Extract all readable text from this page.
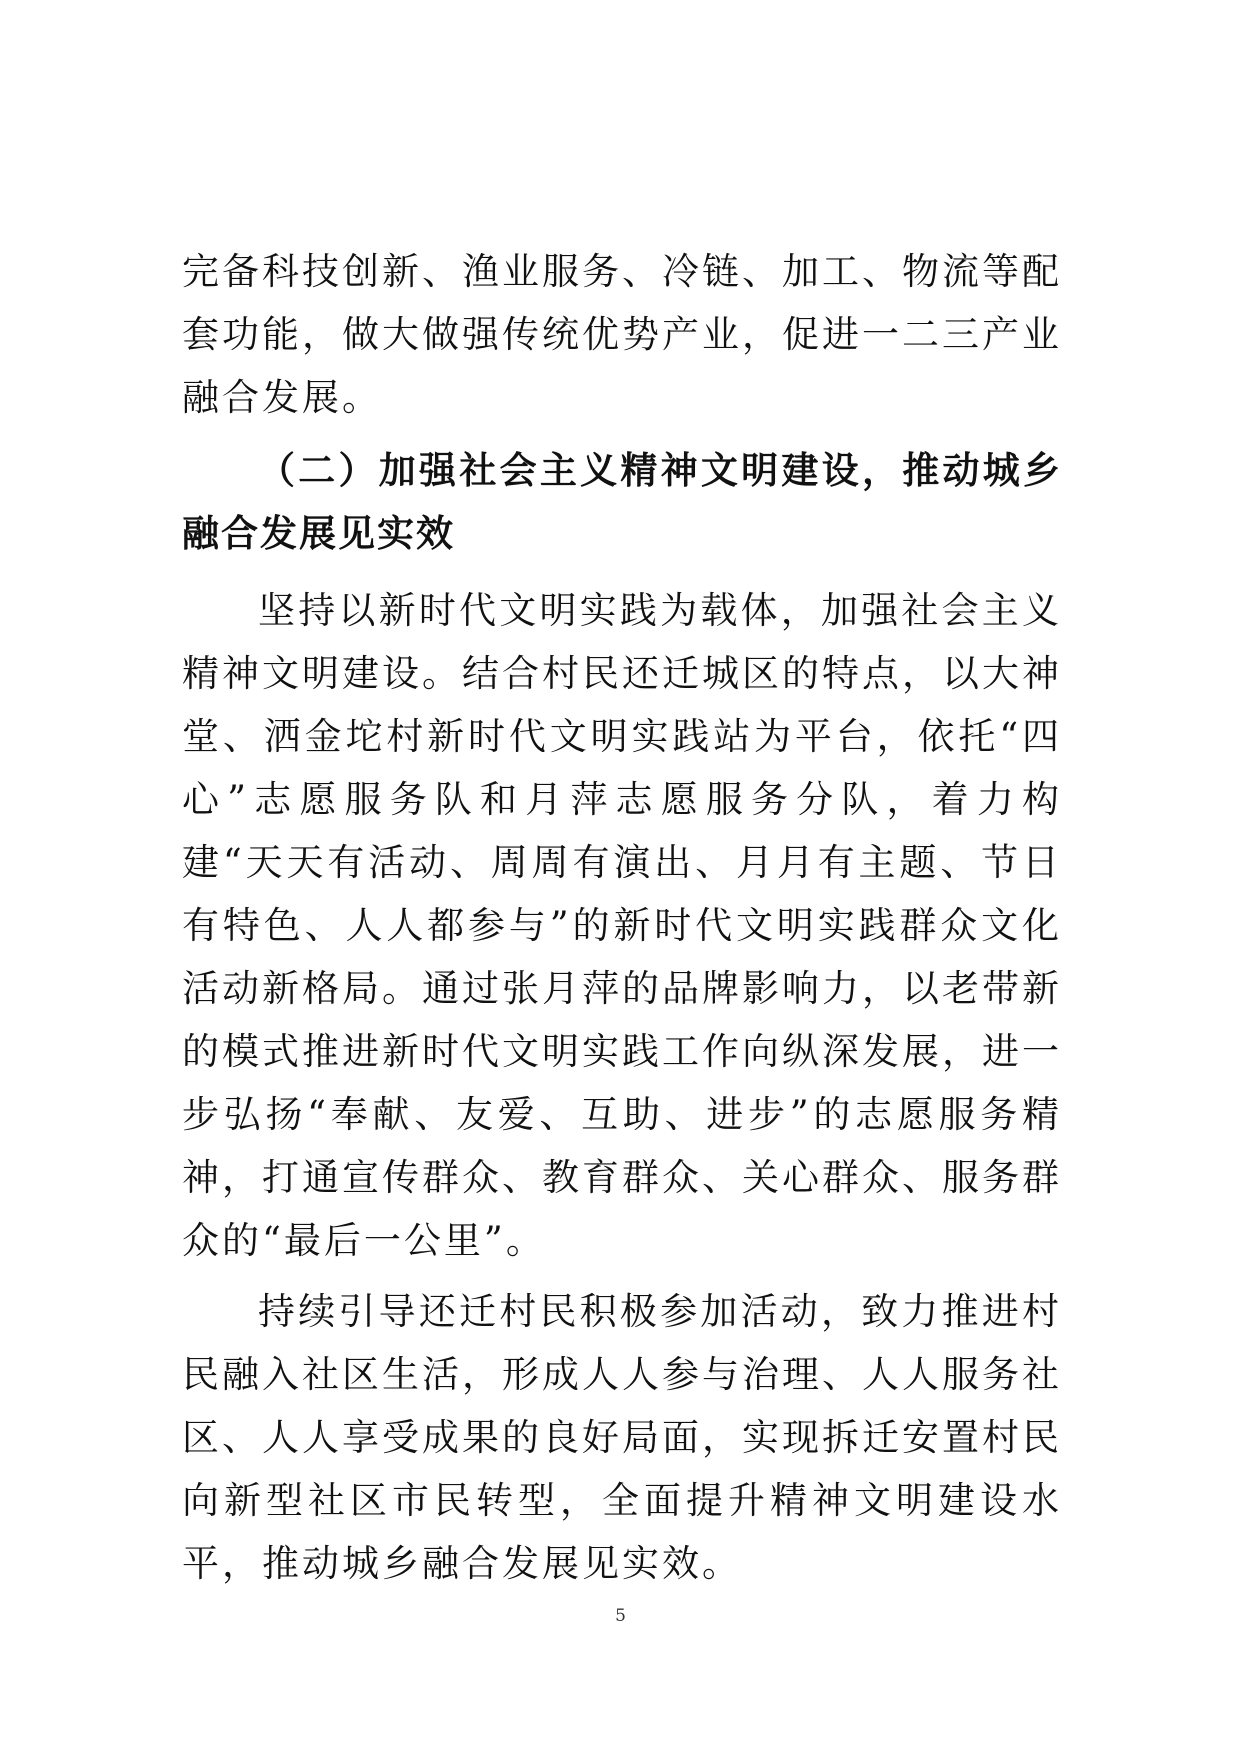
完备科技创新、渔业服务、冷链、加工、物流等配套功能，做大做强传统优势产业，促进一二三产业融合发展。

（二）加强社会主义精神文明建设，推动城乡融合发展见实效

坚持以新时代文明实践为载体，加强社会主义精神文明建设。结合村民还迁城区的特点，以大神堂、洒金坨村新时代文明实践站为平台，依托“四心”志愿服务队和月萍志愿服务分队，着力构建“天天有活动、周周有演出、月月有主题、节日有特色、人人都参与”的新时代文明实践群众文化活动新格局。通过张月萍的品牌影响力，以老带新的模式推进新时代文明实践工作向纵深发展，进一步弘扬“奉献、友爱、互助、进步”的志愿服务精神，打通宣传群众、教育群众、关心群众、服务群众的“最后一公里”。

持续引导还迁村民积极参加活动，致力推进村民融入社区生活，形成人人参与治理、人人服务社区、人人享受成果的良好局面，实现拆迁安置村民向新型社区市民转型，全面提升精神文明建设水平，推动城乡融合发展见实效。

5
